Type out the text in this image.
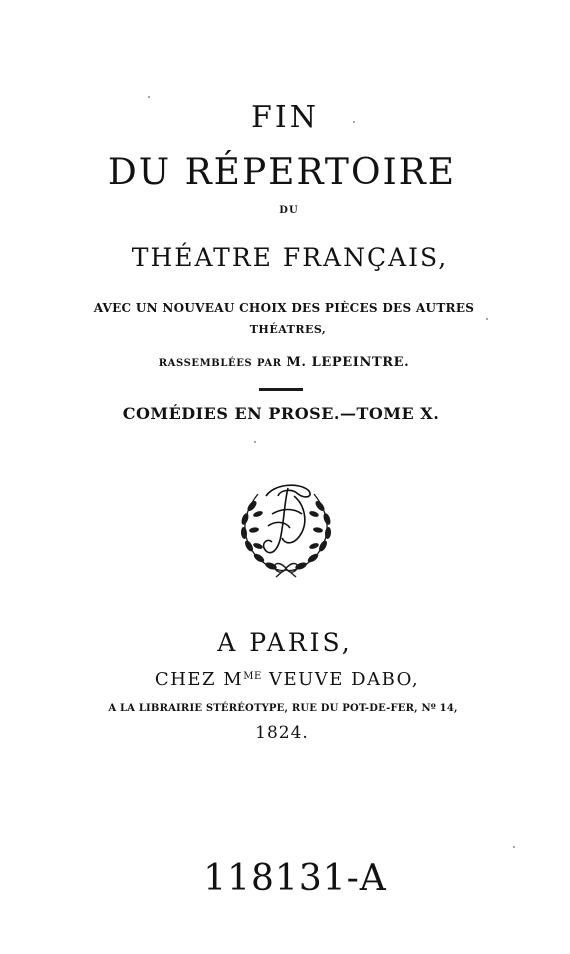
FIN
DU RÉPERTOIRE
DU
THÉATRE FRANÇAIS,
AVEC UN NOUVEAU CHOIX DES PIÈCES DES AUTRES
THÉATRES,
RASSEMBLÉES PAR M. LEPEINTRE.
COMÉDIES EN PROSE.—TOME X.
A PARIS,
CHEZ $M^{ME}$ VEUVE DABO,
A LA LIBRAIRIE STÉRÉOTYPE, RUE DU POT-DE-FER, Nº 14,
1824.
118131-A
